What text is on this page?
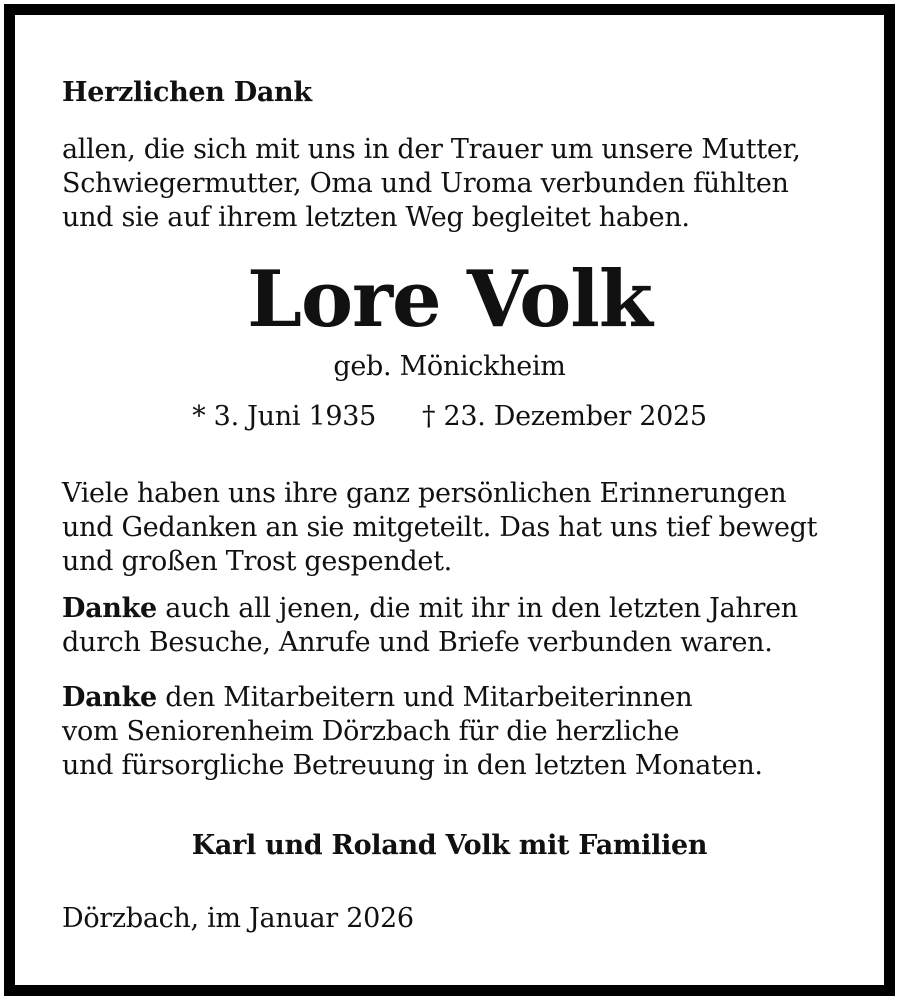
Herzlichen Dank
allen, die sich mit uns in der Trauer um unsere Mutter,
Schwiegermutter, Oma und Uroma verbunden fühlten
und sie auf ihrem letzten Weg begleitet haben.
Lore Volk
geb. Mönickheim
* 3. Juni 1935 † 23. Dezember 2025
Viele haben uns ihre ganz persönlichen Erinnerungen
und Gedanken an sie mitgeteilt. Das hat uns tief bewegt
und großen Trost gespendet.
Danke auch all jenen, die mit ihr in den letzten Jahren
durch Besuche, Anrufe und Briefe verbunden waren.
Danke den Mitarbeitern und Mitarbeiterinnen
vom Seniorenheim Dörzbach für die herzliche
und fürsorgliche Betreuung in den letzten Monaten.
Karl und Roland Volk mit Familien
Dörzbach, im Januar 2026
